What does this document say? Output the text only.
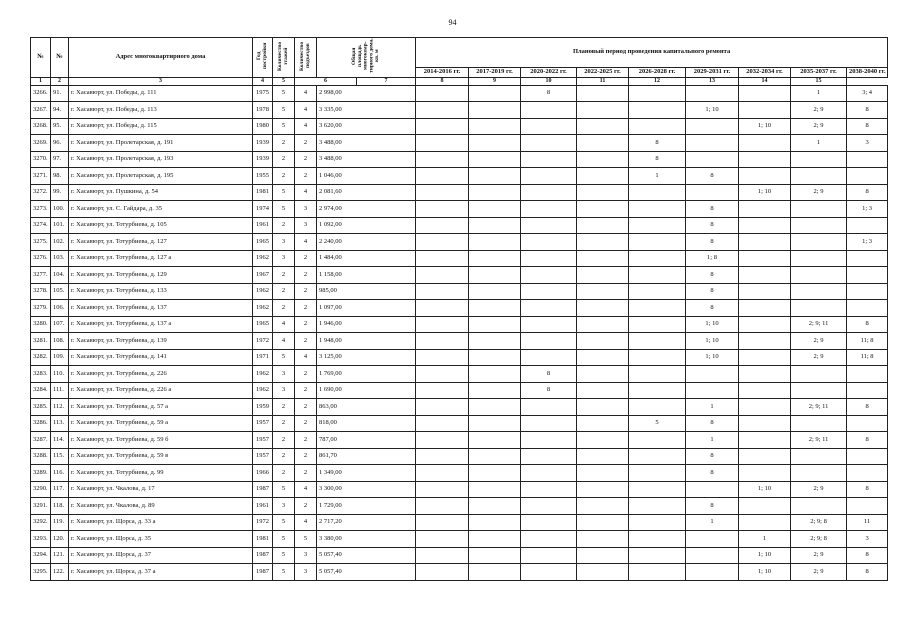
94
№	№	Адрес многоквартирного дома	Год постройки	Количество этажей	Количество подъездов	Общая площадь многоквар-тирного дома, кв. м		Плановый период проведения капитального ремонта								
								2014-2016 гг.	2017-2019 гг.	2020-2022 гг.	2022-2025 гг.	2026-2028 гг.	2029-2031 гг.	2032-2034 гг.	2035-2037 гг.	2038-2040 гг.
1	2	3	4	5	6		7	8	9	10	11	12	13	14	15	
3266.	91.	г. Хасавюрт, ул. Победы, д. 111	1975	5	4	2 998,00				8					1	3; 4
3267.	94.	г. Хасавюрт, ул. Победы, д. 113	1978	5	4	3 335,00							1; 10		2; 9	8
3268.	95.	г. Хасавюрт, ул. Победы, д. 115	1980	5	4	3 620,00								1; 10	2; 9	8
3269.	96.	г. Хасавюрт, ул. Пролетарская, д. 191	1939	2	2	3 488,00						8			1	3
3270.	97.	г. Хасавюрт, ул. Пролетарская, д. 193	1939	2	2	3 488,00						8				
3271.	98.	г. Хасавюрт, ул. Пролетарская, д. 195	1955	2	2	1 046,00						1	8			
3272.	99.	г. Хасавюрт, ул. Пушкина, д. 54	1981	5	4	2 081,60								1; 10	2; 9	8
3273.	100.	г. Хасавюрт, ул. С. Гайдара, д. 35	1974	5	3	2 974,00							8			1; 3
3274.	101.	г. Хасавюрт, ул. Тотурбиева, д. 105	1961	2	3	1 092,00							8			
3275.	102.	г. Хасавюрт, ул. Тотурбиева, д. 127	1965	3	4	2 240,00							8			1; 3
3276.	103.	г. Хасавюрт, ул. Тотурбиева, д. 127 а	1962	3	2	1 484,00							1; 8			
3277.	104.	г. Хасавюрт, ул. Тотурбиева, д. 129	1967	2	2	1 158,00							8			
3278.	105.	г. Хасавюрт, ул. Тотурбиева, д. 133	1962	2	2	985,00							8			
3279.	106.	г. Хасавюрт, ул. Тотурбиева, д. 137	1962	2	2	1 097,00							8			
3280.	107.	г. Хасавюрт, ул. Тотурбиева, д. 137 а	1965	4	2	1 946,00							1; 10		2; 9; 11	8
3281.	108.	г. Хасавюрт, ул. Тотурбиева, д. 139	1972	4	2	1 948,00							1; 10		2; 9	11; 8
3282.	109.	г. Хасавюрт, ул. Тотурбиева, д. 141	1971	5	4	3 125,00							1; 10		2; 9	11; 8
3283.	110.	г. Хасавюрт, ул. Тотурбиева, д. 226	1962	3	2	1 769,00				8						
3284.	111.	г. Хасавюрт, ул. Тотурбиева, д. 226 а	1962	3	2	1 690,00				8						
3285.	112.	г. Хасавюрт, ул. Тотурбиева, д. 57 а	1959	2	2	863,00							1		2; 9; 11	8
3286.	113.	г. Хасавюрт, ул. Тотурбиева, д. 59 а	1957	2	2	818,00						5	8			
3287.	114.	г. Хасавюрт, ул. Тотурбиева, д. 59 б	1957	2	2	787,00							1		2; 9; 11	8
3288.	115.	г. Хасавюрт, ул. Тотурбиева, д. 59 в	1957	2	2	861,70							8			
3289.	116.	г. Хасавюрт, ул. Тотурбиева, д. 99	1966	2	2	1 349,00							8			
3290.	117.	г. Хасавюрт, ул. Чкалова, д. 17	1987	5	4	3 300,00								1; 10	2; 9	8
3291.	118.	г. Хасавюрт, ул. Чкалова, д. 89	1961	3	2	1 729,00							8			
3292.	119.	г. Хасавюрт, ул. Щорса, д. 33 а	1972	5	4	2 717,20							1		2; 9; 8	11
3293.	120.	г. Хасавюрт, ул. Щорса, д. 35	1981	5	5	3 380,00								1	2; 9; 8	3
3294.	121.	г. Хасавюрт, ул. Щорса, д. 37	1987	5	3	5 057,40								1; 10	2; 9	8
3295.	122.	г. Хасавюрт, ул. Щорса, д. 37 а	1987	5	3	5 057,40								1; 10	2; 9	8
